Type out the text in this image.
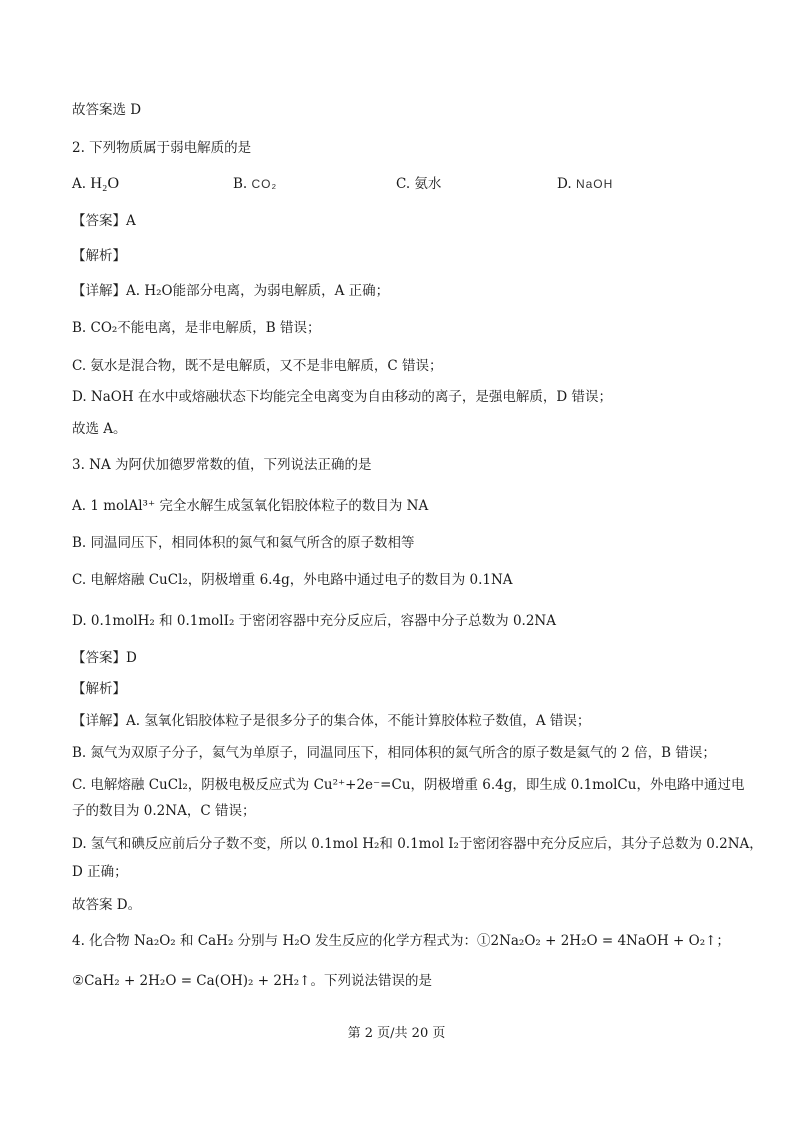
故答案选 D
2. 下列物质属于弱电解质的是
A. H₂O	B. CO₂	C. 氨水	D. NaOH
【答案】A
【解析】
【详解】A. H₂O能部分电离，为弱电解质，A 正确；
B. CO₂不能电离，是非电解质，B 错误；
C. 氨水是混合物，既不是电解质，又不是非电解质，C 错误；
D. NaOH 在水中或熔融状态下均能完全电离变为自由移动的离子，是强电解质，D 错误；
故选 A。
3. NA 为阿伏加德罗常数的值，下列说法正确的是
A. 1 molAl³⁺ 完全水解生成氢氧化铝胶体粒子的数目为 NA
B. 同温同压下，相同体积的氮气和氦气所含的原子数相等
C. 电解熔融 CuCl₂，阴极增重 6.4g，外电路中通过电子的数目为 0.1NA
D. 0.1molH₂ 和 0.1molI₂ 于密闭容器中充分反应后，容器中分子总数为 0.2NA
【答案】D
【解析】
【详解】A. 氢氧化铝胶体粒子是很多分子的集合体，不能计算胶体粒子数值，A 错误；
B. 氮气为双原子分子，氦气为单原子，同温同压下，相同体积的氮气所含的原子数是氦气的 2 倍，B 错误；
C. 电解熔融 CuCl₂，阴极电极反应式为 Cu²⁺+2e⁻=Cu，阴极增重 6.4g，即生成 0.1molCu，外电路中通过电
子的数目为 0.2NA，C 错误；
D. 氢气和碘反应前后分子数不变，所以 0.1mol H₂和 0.1mol I₂于密闭容器中充分反应后，其分子总数为 0.2NA，
D 正确；
故答案 D。
4. 化合物 Na₂O₂ 和 CaH₂ 分别与 H₂O 发生反应的化学方程式为：①2Na₂O₂ + 2H₂O = 4NaOH + O₂↑；
②CaH₂ + 2H₂O = Ca(OH)₂ + 2H₂↑。下列说法错误的是
第 2 页/共 20 页
